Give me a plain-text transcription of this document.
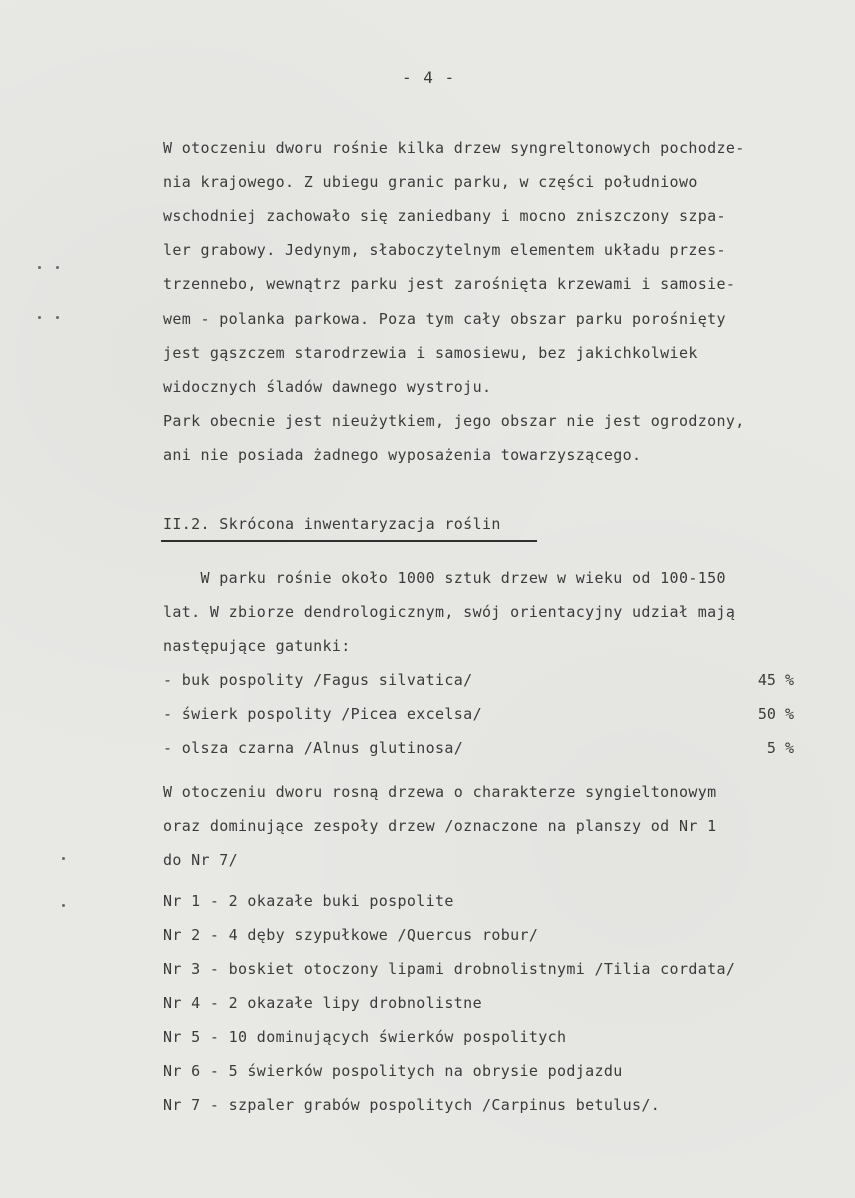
- 4 -
W otoczeniu dworu rośnie kilka drzew syngreltonowych pochodze-
nia krajowego. Z ubiegu granic parku, w części południowo
wschodniej zachowało się zaniedbany i mocno zniszczony szpa-
ler grabowy. Jedynym, słaboczytelnym elementem układu przes-
trzennebo, wewnątrz parku jest zarośnięta krzewami i samosie-
wem - polanka parkowa. Poza tym cały obszar parku porośnięty
jest gąszczem starodrzewia i samosiewu, bez jakichkolwiek
widocznych śladów dawnego wystroju.
Park obecnie jest nieużytkiem, jego obszar nie jest ogrodzony,
ani nie posiada żadnego wyposażenia towarzyszącego.
II.2. Skrócona inwentaryzacja roślin
W parku rośnie około 1000 sztuk drzew w wieku od 100-150
lat. W zbiorze dendrologicznym, swój orientacyjny udział mają
następujące gatunki:
- buk pospolity /Fagus silvatica/	45 %
- świerk pospolity /Picea excelsa/	50 %
- olsza czarna /Alnus glutinosa/	5 %
W otoczeniu dworu rosną drzewa o charakterze syngieltonowym
oraz dominujące zespoły drzew /oznaczone na planszy od Nr 1
do Nr 7/
Nr 1 - 2 okazałe buki pospolite
Nr 2 - 4 dęby szypułkowe /Quercus robur/
Nr 3 - boskiet otoczony lipami drobnolistnymi /Tilia cordata/
Nr 4 - 2 okazałe lipy drobnolistne
Nr 5 - 10 dominujących świerków pospolitych
Nr 6 - 5 świerków pospolitych na obrysie podjazdu
Nr 7 - szpaler grabów pospolitych /Carpinus betulus/.
